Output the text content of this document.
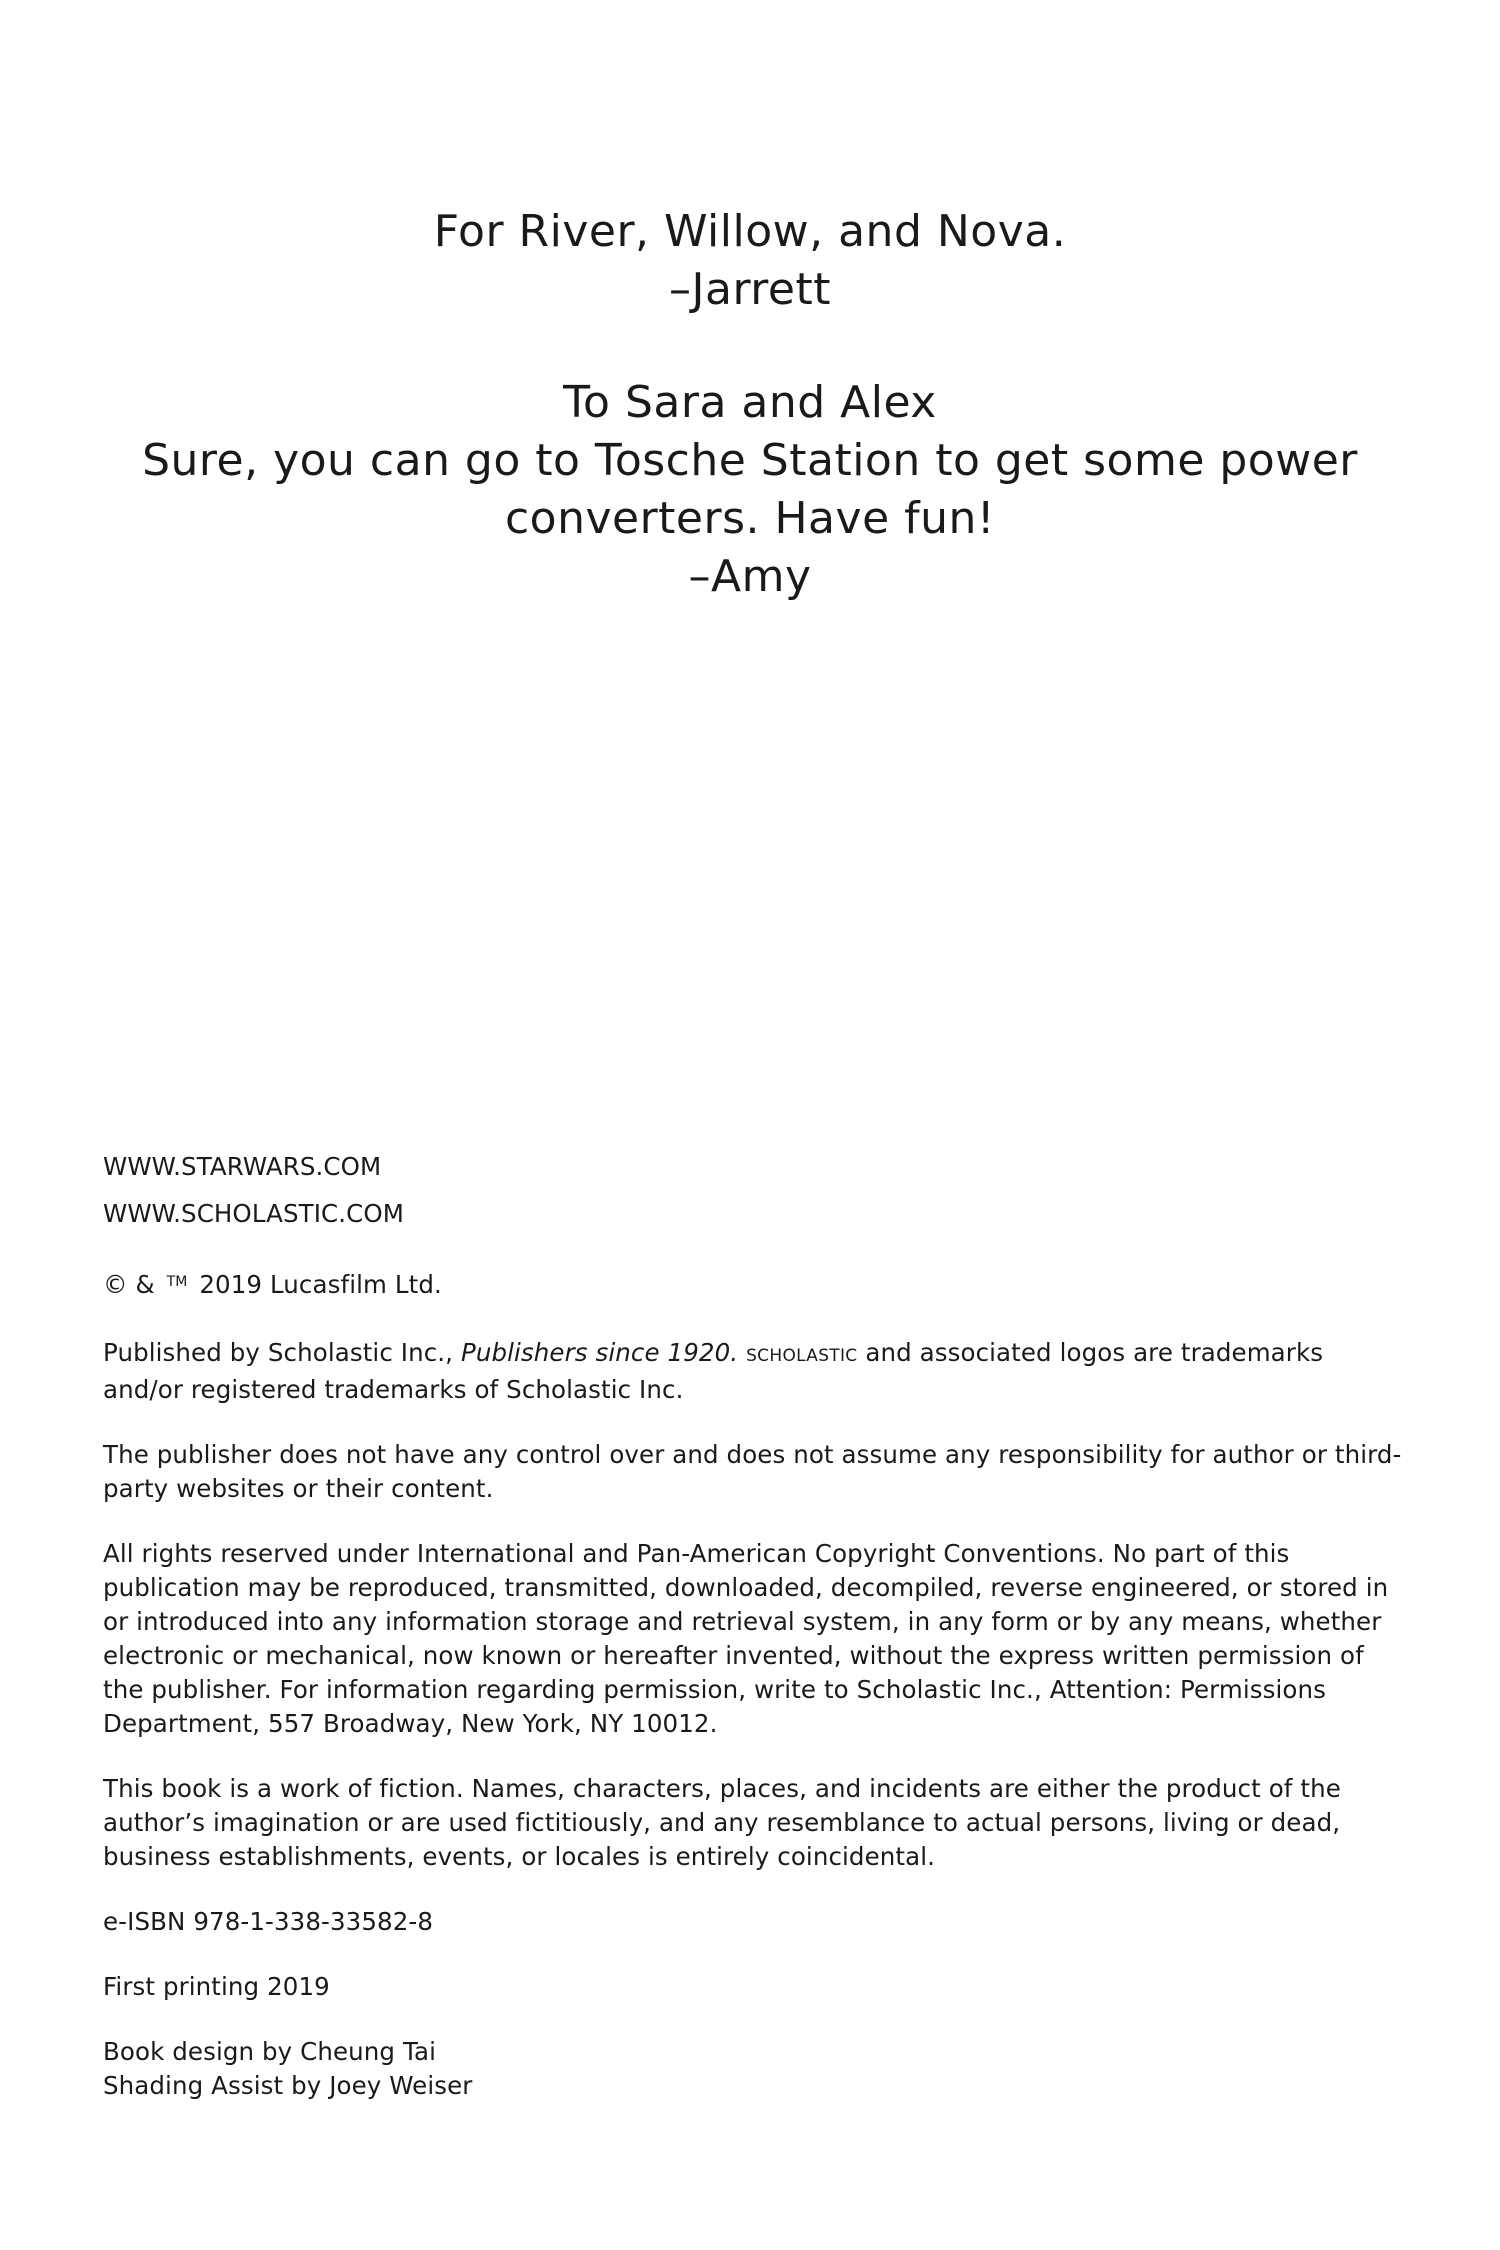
For River, Willow, and Nova.
–Jarrett
To Sara and Alex
Sure, you can go to Tosche Station to get some power
converters. Have fun!
–Amy

WWW.STARWARS.COM

WWW.SCHOLASTIC.COM

© & ™ 2019 Lucasfilm Ltd.

Published by Scholastic Inc., Publishers since 1920. SCHOLASTIC and associated logos are trademarks and/or registered trademarks of Scholastic Inc.

The publisher does not have any control over and does not assume any responsibility for author or third-party websites or their content.

All rights reserved under International and Pan-American Copyright Conventions. No part of this publication may be reproduced, transmitted, downloaded, decompiled, reverse engineered, or stored in or introduced into any information storage and retrieval system, in any form or by any means, whether electronic or mechanical, now known or hereafter invented, without the express written permission of the publisher. For information regarding permission, write to Scholastic Inc., Attention: Permissions Department, 557 Broadway, New York, NY 10012.

This book is a work of fiction. Names, characters, places, and incidents are either the product of the author’s imagination or are used fictitiously, and any resemblance to actual persons, living or dead, business establishments, events, or locales is entirely coincidental.

e-ISBN 978-1-338-33582-8

First printing 2019

Book design by Cheung Tai

Shading Assist by Joey Weiser
